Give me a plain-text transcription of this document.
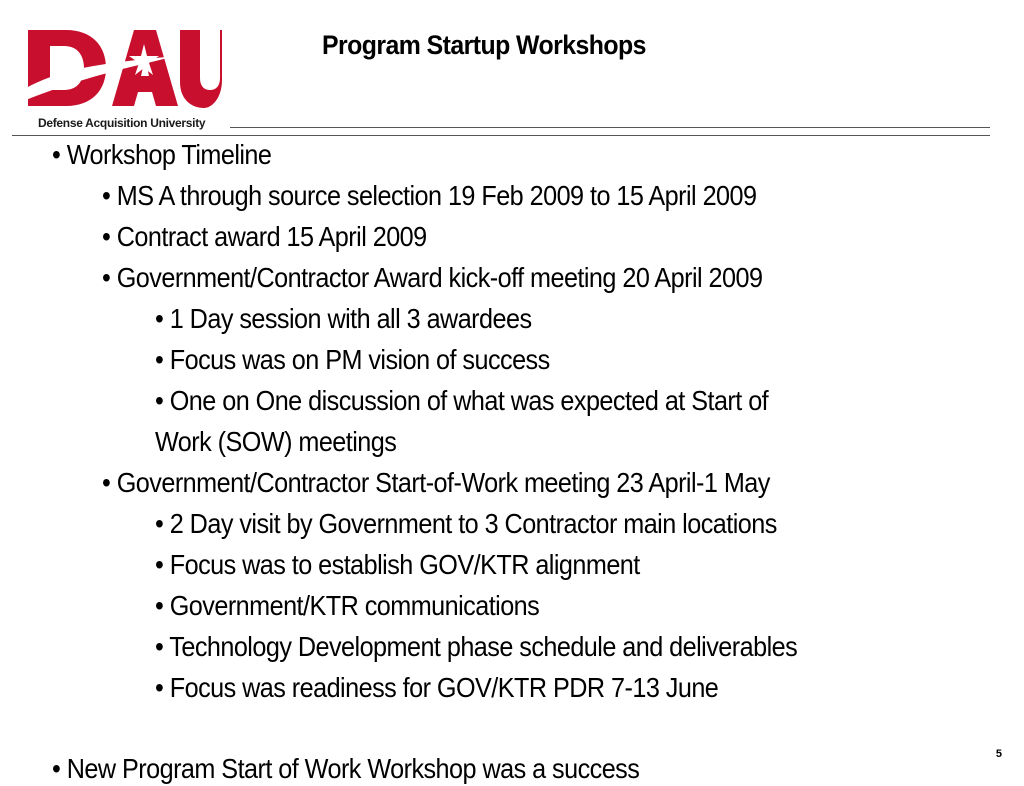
Defense Acquisition University
Program Startup Workshops
• Workshop Timeline
• MS A through source selection 19 Feb 2009 to 15 April 2009
• Contract award 15 April 2009
• Government/Contractor Award kick-off meeting 20 April 2009
• 1 Day session with all 3 awardees
• Focus was on PM vision of success
• One on One discussion of what was expected at Start of
Work (SOW) meetings
• Government/Contractor Start-of-Work meeting 23 April-1 May
• 2 Day visit by Government to 3 Contractor main locations
• Focus was to establish GOV/KTR alignment
• Government/KTR communications
• Technology Development phase schedule and deliverables
• Focus was readiness for GOV/KTR PDR 7-13 June
• New Program Start of Work Workshop was a success	5
